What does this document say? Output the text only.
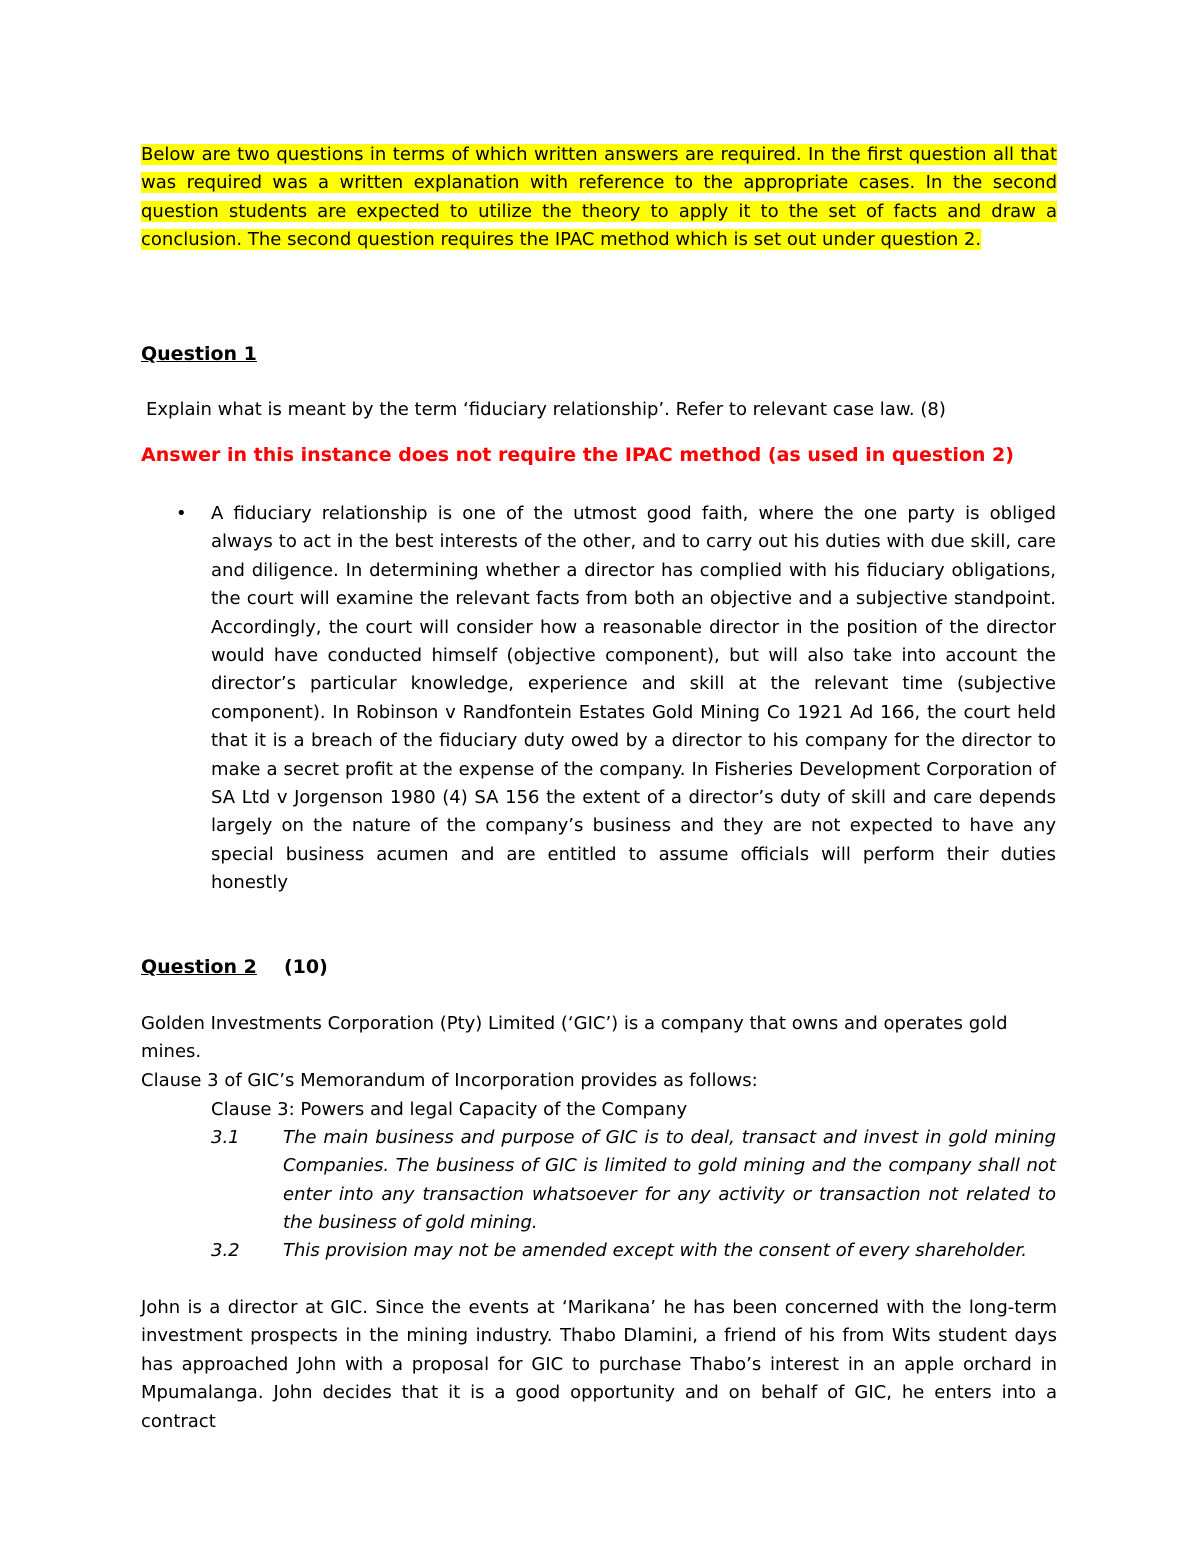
Below are two questions in terms of which written answers are required. In the first question all that was required was a written explanation with reference to the appropriate cases. In the second question students are expected to utilize the theory to apply it to the set of facts and draw a conclusion. The second question requires the IPAC method which is set out under question 2.
Question 1
Explain what is meant by the term ‘fiduciary relationship’. Refer to relevant case law. (8)
Answer in this instance does not require the IPAC method (as used in question 2)
• A fiduciary relationship is one of the utmost good faith, where the one party is obliged always to act in the best interests of the other, and to carry out his duties with due skill, care and diligence. In determining whether a director has complied with his fiduciary obligations, the court will examine the relevant facts from both an objective and a subjective standpoint. Accordingly, the court will consider how a reasonable director in the position of the director would have conducted himself (objective component), but will also take into account the director’s particular knowledge, experience and skill at the relevant time (subjective component). In Robinson v Randfontein Estates Gold Mining Co 1921 Ad 166, the court held that it is a breach of the fiduciary duty owed by a director to his company for the director to make a secret profit at the expense of the company. In Fisheries Development Corporation of SA Ltd v Jorgenson 1980 (4) SA 156 the extent of a director’s duty of skill and care depends largely on the nature of the company’s business and they are not expected to have any special business acumen and are entitled to assume officials will perform their duties honestly
Question 2 (10)
Golden Investments Corporation (Pty) Limited (‘GIC’) is a company that owns and operates gold mines.
Clause 3 of GIC’s Memorandum of Incorporation provides as follows:
Clause 3: Powers and legal Capacity of the Company
3.1 The main business and purpose of GIC is to deal, transact and invest in gold mining Companies. The business of GIC is limited to gold mining and the company shall not enter into any transaction whatsoever for any activity or transaction not related to the business of gold mining.
3.2 This provision may not be amended except with the consent of every shareholder.
John is a director at GIC. Since the events at ‘Marikana’ he has been concerned with the long-term investment prospects in the mining industry. Thabo Dlamini, a friend of his from Wits student days has approached John with a proposal for GIC to purchase Thabo’s interest in an apple orchard in Mpumalanga. John decides that it is a good opportunity and on behalf of GIC, he enters into a contract
